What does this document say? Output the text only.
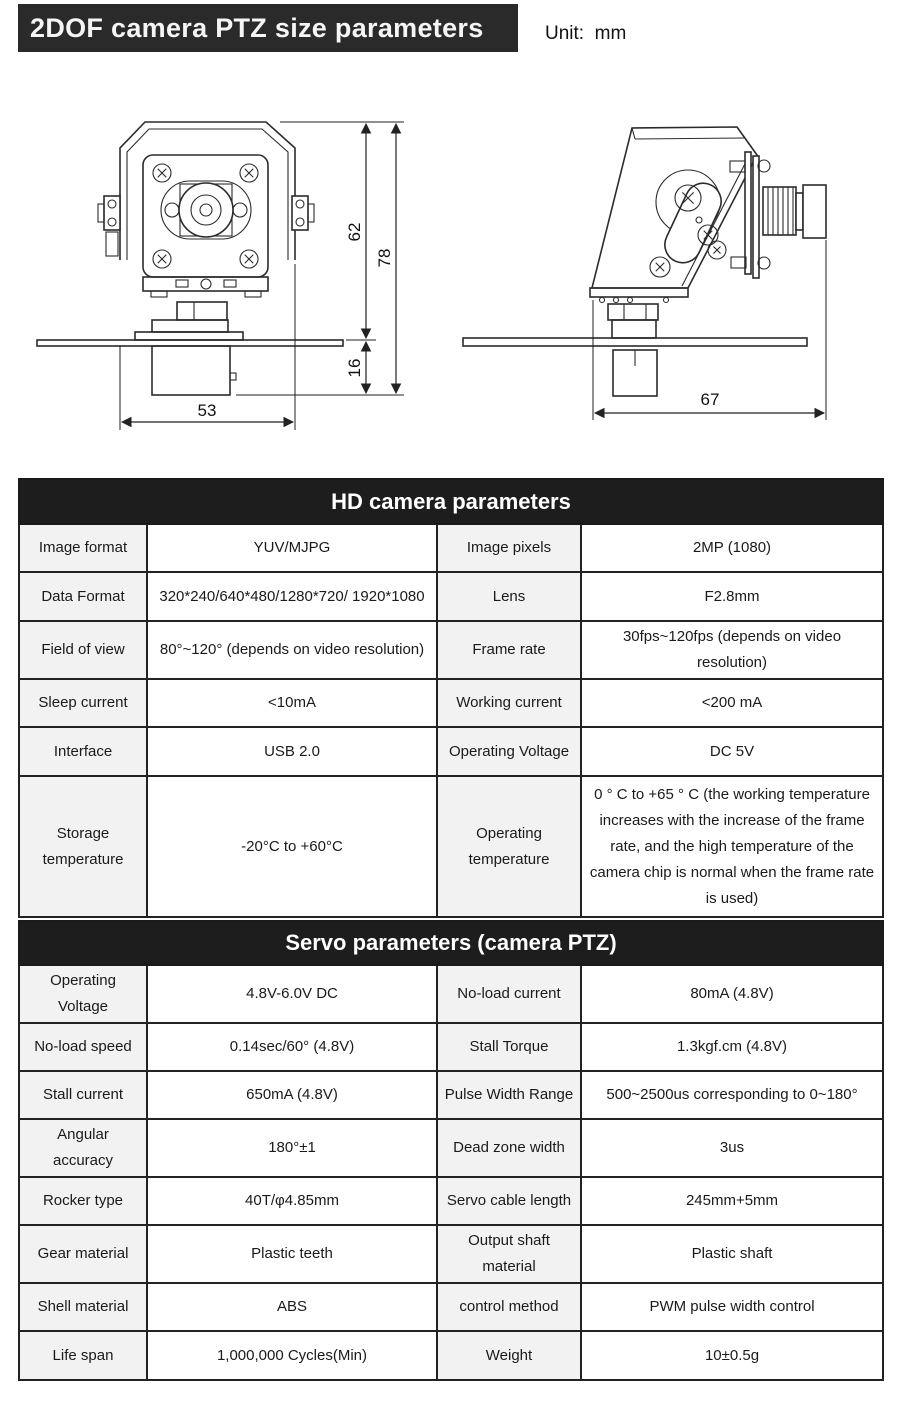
2DOF camera PTZ size parameters	Unit:  mm
62
16
78
53
67
HD camera parameters			
Image format	YUV/MJPG	Image pixels	2MP (1080)
Data Format	320*240/640*480/1280*720/ 1920*1080	Lens	F2.8mm
Field of view	80°~120° (depends on video resolution)	Frame rate	30fps~120fps (depends on video resolution)
Sleep current	<10mA	Working current	<200 mA
Interface	USB 2.0	Operating Voltage	DC 5V
Storage temperature	-20°C to +60°C	Operating temperature	0 ° C to +65 ° C (the working temperature increases with the increase of the frame rate, and the high temperature of the camera chip is normal when the frame rate is used)
Servo parameters (camera PTZ)			
Operating Voltage	4.8V-6.0V DC	No-load current	80mA (4.8V)
No-load speed	0.14sec/60° (4.8V)	Stall Torque	1.3kgf.cm (4.8V)
Stall current	650mA (4.8V)	Pulse Width Range	500~2500us corresponding to 0~180°
Angular accuracy	180°±1	Dead zone width	3us
Rocker type	40T/φ4.85mm	Servo cable length	245mm+5mm
Gear material	Plastic teeth	Output shaft material	Plastic shaft
Shell material	ABS	control method	PWM pulse width control
Life span	1,000,000 Cycles(Min)	Weight	10±0.5g
